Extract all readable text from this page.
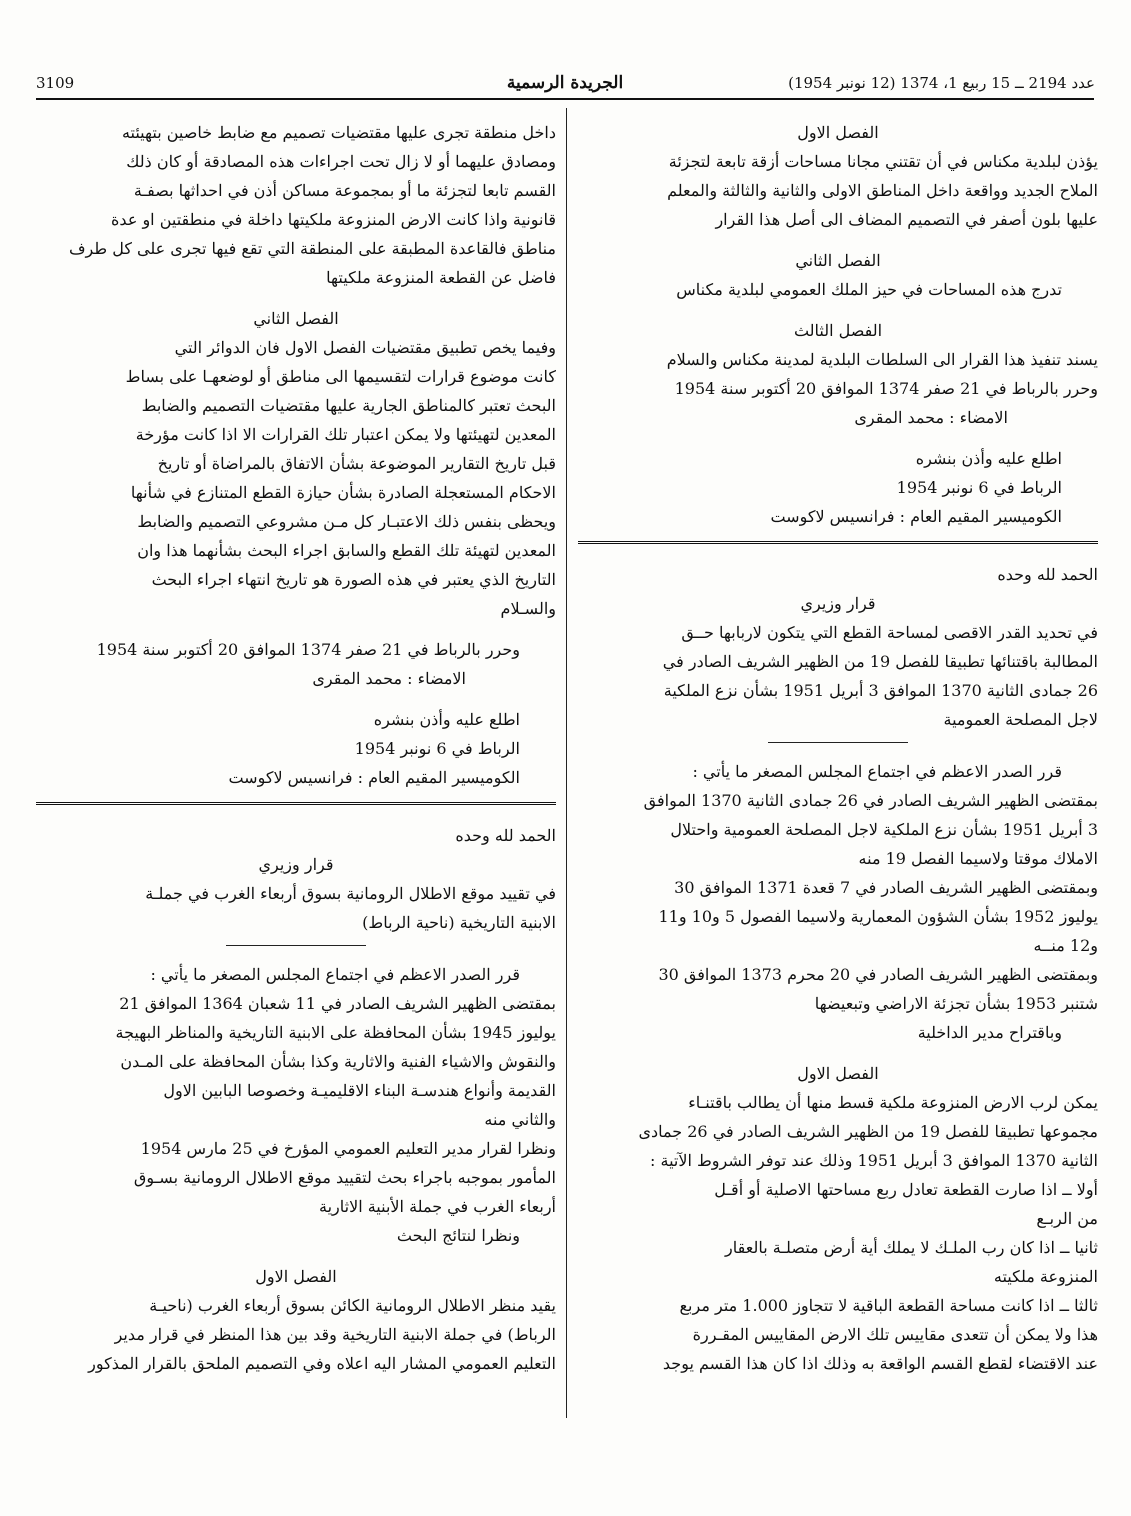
3109	الجريدة الرسمية	عدد 2194 ــ 15 ربيع 1، 1374 (12 نونبر 1954)
الفصل الاول
يؤذن لبلدية مكناس في أن تقتني مجانا مساحات أزقة تابعة لتجزئة
الملاح الجديد وواقعة داخل المناطق الاولى والثانية والثالثة والمعلم
عليها بلون أصفر في التصميم المضاف الى أصل هذا القرار
الفصل الثاني
تدرج هذه المساحات في حيز الملك العمومي لبلدية مكناس
الفصل الثالث
يسند تنفيذ هذا القرار الى السلطات البلدية لمدينة مكناس والسلام
وحرر بالرباط في 21 صفر 1374 الموافق 20 أكتوبر سنة 1954
الامضاء : محمد المقرى
اطلع عليه وأذن بنشره
الرباط في 6 نونبر 1954
الكوميسير المقيم العام : فرانسيس لاكوست
الحمد لله وحده
قرار وزيري
في تحديد القدر الاقصى لمساحة القطع التي يتكون لاربابها حــق
المطالبة باقتنائها تطبيقا للفصل 19 من الظهير الشريف الصادر في
26 جمادى الثانية 1370 الموافق 3 أبريل 1951 بشأن نزع الملكية
لاجل المصلحة العمومية
قرر الصدر الاعظم في اجتماع المجلس المصغر ما يأتي :
بمقتضى الظهير الشريف الصادر في 26 جمادى الثانية 1370 الموافق
3 أبريل 1951 بشأن نزع الملكية لاجل المصلحة العمومية واحتلال
الاملاك موقتا ولاسيما الفصل 19 منه
وبمقتضى الظهير الشريف الصادر في 7 قعدة 1371 الموافق 30
يوليوز 1952 بشأن الشؤون المعمارية ولاسيما الفصول 5 و10 و11
و12 منــه
وبمقتضى الظهير الشريف الصادر في 20 محرم 1373 الموافق 30
شتنبر 1953 بشأن تجزئة الاراضي وتبعيضها
وباقتراح مدير الداخلية
الفصل الاول
يمكن لرب الارض المنزوعة ملكية قسط منها أن يطالب باقتنـاء
مجموعها تطبيقا للفصل 19 من الظهير الشريف الصادر في 26 جمادى
الثانية 1370 الموافق 3 أبريل 1951 وذلك عند توفر الشروط الآتية :
أولا ــ اذا صارت القطعة تعادل ربع مساحتها الاصلية أو أقـل
من الربـع
ثانيا ــ اذا كان رب الملـك لا يملك أية أرض متصلـة بالعقار
المنزوعة ملكيته
ثالثا ــ اذا كانت مساحة القطعة الباقية لا تتجاوز 1.000 متر مربع
هذا ولا يمكن أن تتعدى مقاييس تلك الارض المقاييس المقـررة
عند الاقتضاء لقطع القسم الواقعة به وذلك اذا كان هذا القسم يوجد
داخل منطقة تجرى عليها مقتضيات تصميم مع ضابط خاصين بتهيئته
ومصادق عليهما أو لا زال تحت اجراءات هذه المصادقة أو كان ذلك
القسم تابعا لتجزئة ما أو بمجموعة مساكن أذن في احداثها بصفـة
قانونية واذا كانت الارض المنزوعة ملكيتها داخلة في منطقتين او عدة
مناطق فالقاعدة المطبقة على المنطقة التي تقع فيها تجرى على كل طرف
فاضل عن القطعة المنزوعة ملكيتها
الفصل الثاني
وفيما يخص تطبيق مقتضيات الفصل الاول فان الدوائر التي
كانت موضوع قرارات لتقسيمها الى مناطق أو لوضعهـا على بساط
البحث تعتبر كالمناطق الجارية عليها مقتضيات التصميم والضابط
المعدين لتهيئتها ولا يمكن اعتبار تلك القرارات الا اذا كانت مؤرخة
قبل تاريخ التقارير الموضوعة بشأن الاتفاق بالمراضاة أو تاريخ
الاحكام المستعجلة الصادرة بشأن حيازة القطع المتنازع في شأنها
ويحظى بنفس ذلك الاعتبـار كل مـن مشروعي التصميم والضابط
المعدين لتهيئة تلك القطع والسابق اجراء البحث بشأنهما هذا وان
التاريخ الذي يعتبر في هذه الصورة هو تاريخ انتهاء اجراء البحث
والسـلام
وحرر بالرباط في 21 صفر 1374 الموافق 20 أكتوبر سنة 1954
الامضاء : محمد المقرى
اطلع عليه وأذن بنشره
الرباط في 6 نونبر 1954
الكوميسير المقيم العام : فرانسيس لاكوست
الحمد لله وحده
قرار وزيري
في تقييد موقع الاطلال الرومانية بسوق أربعاء الغرب في جملـة
الابنية التاريخية (ناحية الرباط)
قرر الصدر الاعظم في اجتماع المجلس المصغر ما يأتي :
بمقتضى الظهير الشريف الصادر في 11 شعبان 1364 الموافق 21
يوليوز 1945 بشأن المحافظة على الابنية التاريخية والمناظر البهيجة
والنقوش والاشياء الفنية والاثارية وكذا بشأن المحافظة على المـدن
القديمة وأنواع هندسـة البناء الاقليميـة وخصوصا البابين الاول
والثاني منه
ونظرا لقرار مدير التعليم العمومي المؤرخ في 25 مارس 1954
المأمور بموجبه باجراء بحث لتقييد موقع الاطلال الرومانية بسـوق
أربعاء الغرب في جملة الأبنية الاثارية
ونظرا لنتائج البحث
الفصل الاول
يقيد منظر الاطلال الرومانية الكائن بسوق أربعاء الغرب (ناحيـة
الرباط) في جملة الابنية التاريخية وقد بين هذا المنظر في قرار مدير
التعليم العمومي المشار اليه اعلاه وفي التصميم الملحق بالقرار المذكور
